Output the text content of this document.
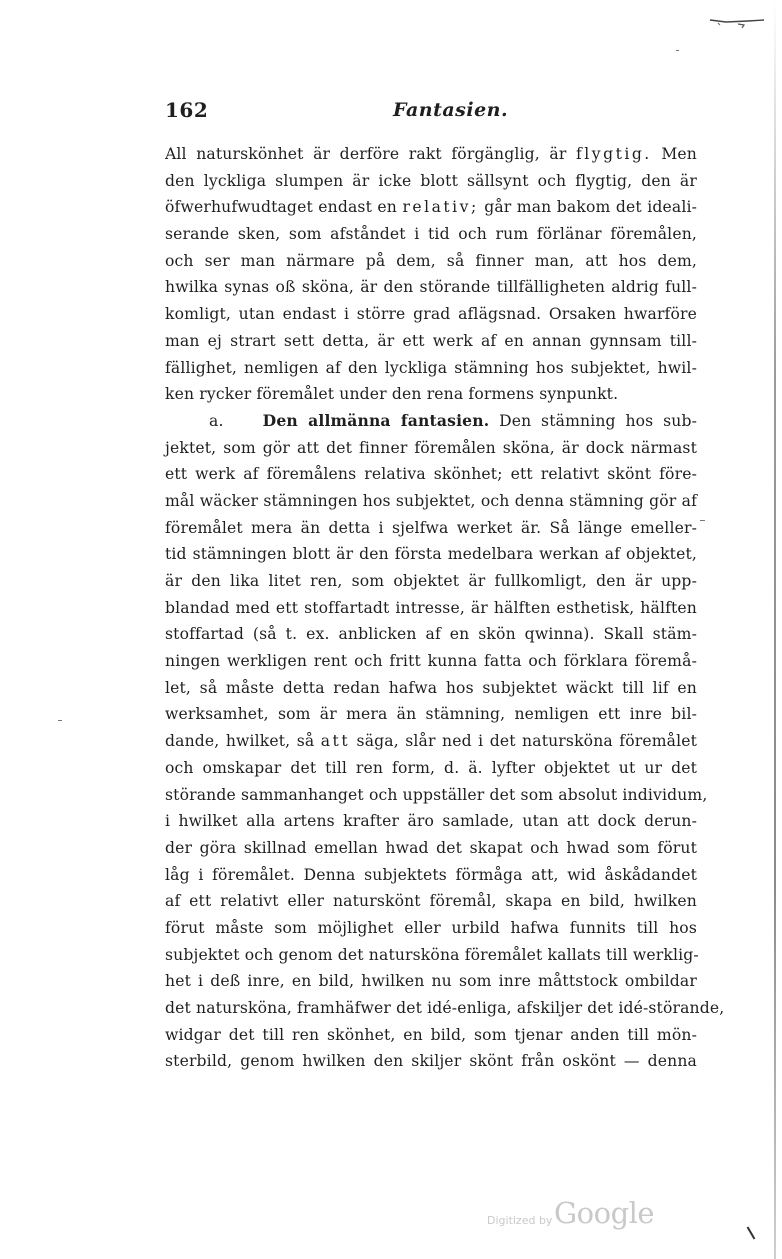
162	Fantasien.
All naturskönhet är derföre rakt förgänglig, är flygtig. Men
den lyckliga slumpen är icke blott sällsynt och flygtig, den är
öfwerhufwudtaget endast en relativ; går man bakom det ideali-
serande sken, som afståndet i tid och rum förlänar föremålen,
och ser man närmare på dem, så finner man, att hos dem,
hwilka synas oß sköna, är den störande tillfälligheten aldrig full-
komligt, utan endast i större grad aflägsnad. Orsaken hwarföre
man ej strart sett detta, är ett werk af en annan gynnsam till-
fällighet, nemligen af den lyckliga stämning hos subjektet, hwil-
ken rycker föremålet under den rena formens synpunkt.
a.	Den allmänna fantasien. Den stämning hos sub-
jektet, som gör att det finner föremålen sköna, är dock närmast
ett werk af föremålens relativa skönhet; ett relativt skönt före-
mål wäcker stämningen hos subjektet, och denna stämning gör af
föremålet mera än detta i sjelfwa werket är. Så länge emeller-
tid stämningen blott är den första medelbara werkan af objektet,
är den lika litet ren, som objektet är fullkomligt, den är upp-
blandad med ett stoffartadt intresse, är hälften esthetisk, hälften
stoffartad (så t. ex. anblicken af en skön qwinna). Skall stäm-
ningen werkligen rent och fritt kunna fatta och förklara föremå-
let, så måste detta redan hafwa hos subjektet wäckt till lif en
werksamhet, som är mera än stämning, nemligen ett inre bil-
dande, hwilket, så att säga, slår ned i det natursköna föremålet
och omskapar det till ren form, d. ä. lyfter objektet ut ur det
störande sammanhanget och uppställer det som absolut individum,
i hwilket alla artens krafter äro samlade, utan att dock derun-
der göra skillnad emellan hwad det skapat och hwad som förut
låg i föremålet. Denna subjektets förmåga att, wid åskådandet
af ett relativt eller naturskönt föremål, skapa en bild, hwilken
förut måste som möjlighet eller urbild hafwa funnits till hos
subjektet och genom det natursköna föremålet kallats till werklig-
het i deß inre, en bild, hwilken nu som inre måttstock ombildar
det natursköna, framhäfwer det idé-enliga, afskiljer det idé-störande,
widgar det till ren skönhet, en bild, som tjenar anden till mön-
sterbild, genom hwilken den skiljer skönt från oskönt — denna
Digitized by Google
